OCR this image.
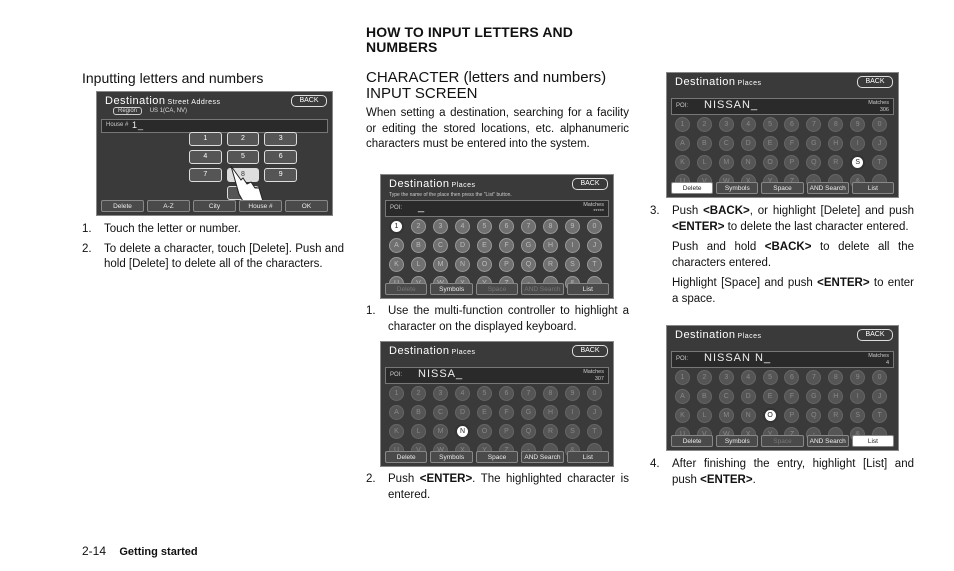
HOW TO INPUT LETTERS AND NUMBERS
Inputting letters and numbers
Destination Street Address	BACK
Region US 1(CA, NV)
House # 1_
1	2	3
4	5	6
7	8	9
Delete	A-Z	City	House #	OK
1.	Touch the letter or number.
2.	To delete a character, touch [Delete]. Push and hold [Delete] to delete all of the characters.
CHARACTER (letters and numbers) INPUT SCREEN
When setting a destination, searching for a facility or editing the stored locations, etc. alphanumeric characters must be entered into the system.
Destination Places	BACK
Type the name of the place then press the "List" button.
POI: _	Matches
*****
1	2	3	4	5	6	7	8	9	0
A	B	C	D	E	F	G	H	I	J
K	L	M	N	O	P	Q	R	S	T
Delete	Symbols	Space	AND Search	List
1.	Use the multi-function controller to highlight a character on the displayed keyboard.
Destination Places	BACK
POI: NISSA_	Matches
307
1	2	3	4	5	6	7	8	9	0
A	B	C	D	E	F	G	H	I	J
K	L	M	N	O	P	Q	R	S	T
Delete	Symbols	Space	AND Search	List
2.	Push <ENTER>. The highlighted character is entered.
Destination Places	BACK
POI: NISSAN_	Matches
306
1	2	3	4	5	6	7	8	9	0
A	B	C	D	E	F	G	H	I	J
K	L	M	N	O	P	Q	R	S	T
Delete	Symbols	Space	AND Search	List
3.	Push <BACK>, or highlight [Delete] and push <ENTER> to delete the last character entered.
Push and hold <BACK> to delete all the characters entered.
Highlight [Space] and push <ENTER> to enter a space.
Destination Places	BACK
POI: NISSAN N_	Matches
4
1	2	3	4	5	6	7	8	9	0
A	B	C	D	E	F	G	H	I	J
K	L	M	N	O	P	Q	R	S	T
Delete	Symbols	Space	AND Search	List
4.	After finishing the entry, highlight [List] and push <ENTER>.
2-14 Getting started
